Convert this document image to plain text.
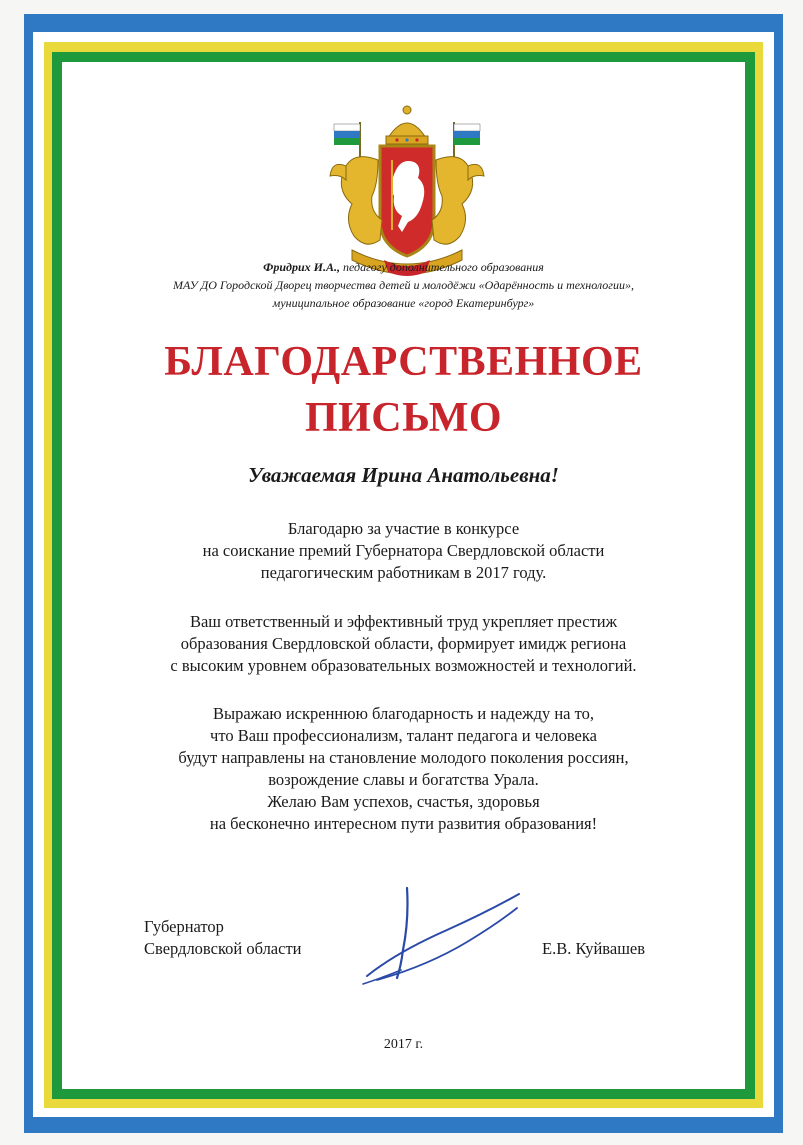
Фридрих И.А., педагогу дополнительного образования
МАУ ДО Городской Дворец творчества детей и молодёжи «Одарённость и технологии»,
муниципальное образование «город Екатеринбург»
БЛАГОДАРСТВЕННОЕ
ПИСЬМО
Уважаемая Ирина Анатольевна!
Благодарю за участие в конкурсе
на соискание премий Губернатора Свердловской области
педагогическим работникам в 2017 году.
Ваш ответственный и эффективный труд укрепляет престиж
образования Свердловской области, формирует имидж региона
с высоким уровнем образовательных возможностей и технологий.
Выражаю искреннюю благодарность и надежду на то,
что Ваш профессионализм, талант педагога и человека
будут направлены на становление молодого поколения россиян,
возрождение славы и богатства Урала.
Желаю Вам успехов, счастья, здоровья
на бесконечно интересном пути развития образования!
Губернатор
Свердловской области	Е.В. Куйвашев
2017 г.
